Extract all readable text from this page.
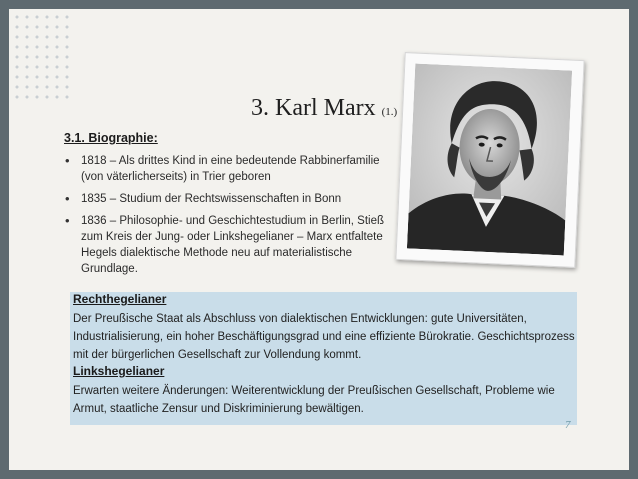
3. Karl Marx (1.)
3.1. Biographie:
• 1818 – Als drittes Kind in eine bedeutende Rabbinerfamilie (von väterlicherseits) in Trier geboren
• 1835 – Studium der Rechtswissenschaften in Bonn
• 1836 – Philosophie- und Geschichtestudium in Berlin, Stieß zum Kreis der Jung- oder Linkshegelianer – Marx entfaltete Hegels dialektische Methode neu auf materialistische Grundlage.
Rechthegelianer
Der Preußische Staat als Abschluss von dialektischen Entwicklungen: gute Universitäten, Industrialisierung, ein hoher Beschäftigungsgrad und eine effiziente Bürokratie. Geschichtsprozess mit der bürgerlichen Gesellschaft zur Vollendung kommt.
Linkshegelianer
Erwarten weitere Änderungen: Weiterentwicklung der Preußischen Gesellschaft, Probleme wie Armut, staatliche Zensur und Diskriminierung bewältigen.
7
